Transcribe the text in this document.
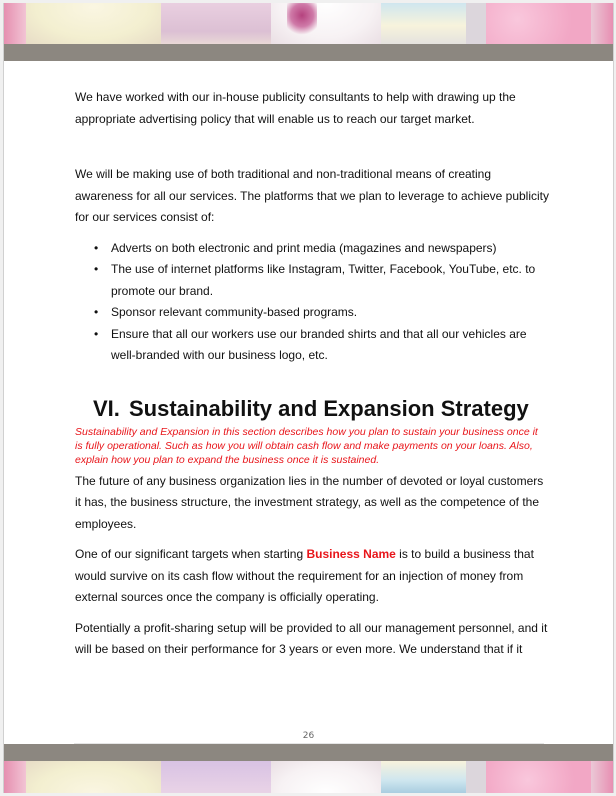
We have worked with our in-house publicity consultants to help with drawing up the appropriate advertising policy that will enable us to reach our target market.

We will be making use of both traditional and non-traditional means of creating awareness for all our services. The platforms that we plan to leverage to achieve publicity for our services consist of:

• Adverts on both electronic and print media (magazines and newspapers)
• The use of internet platforms like Instagram, Twitter, Facebook, YouTube, etc. to promote our brand.
• Sponsor relevant community-based programs.
• Ensure that all our workers use our branded shirts and that all our vehicles are well-branded with our business logo, etc.
VI. Sustainability and Expansion Strategy

Sustainability and Expansion in this section describes how you plan to sustain your business once it is fully operational. Such as how you will obtain cash flow and make payments on your loans. Also, explain how you plan to expand the business once it is sustained.

The future of any business organization lies in the number of devoted or loyal customers it has, the business structure, the investment strategy, as well as the competence of the employees.

One of our significant targets when starting Business Name is to build a business that would survive on its cash flow without the requirement for an injection of money from external sources once the company is officially operating.

Potentially a profit-sharing setup will be provided to all our management personnel, and it will be based on their performance for 3 years or even more. We understand that if it

26
